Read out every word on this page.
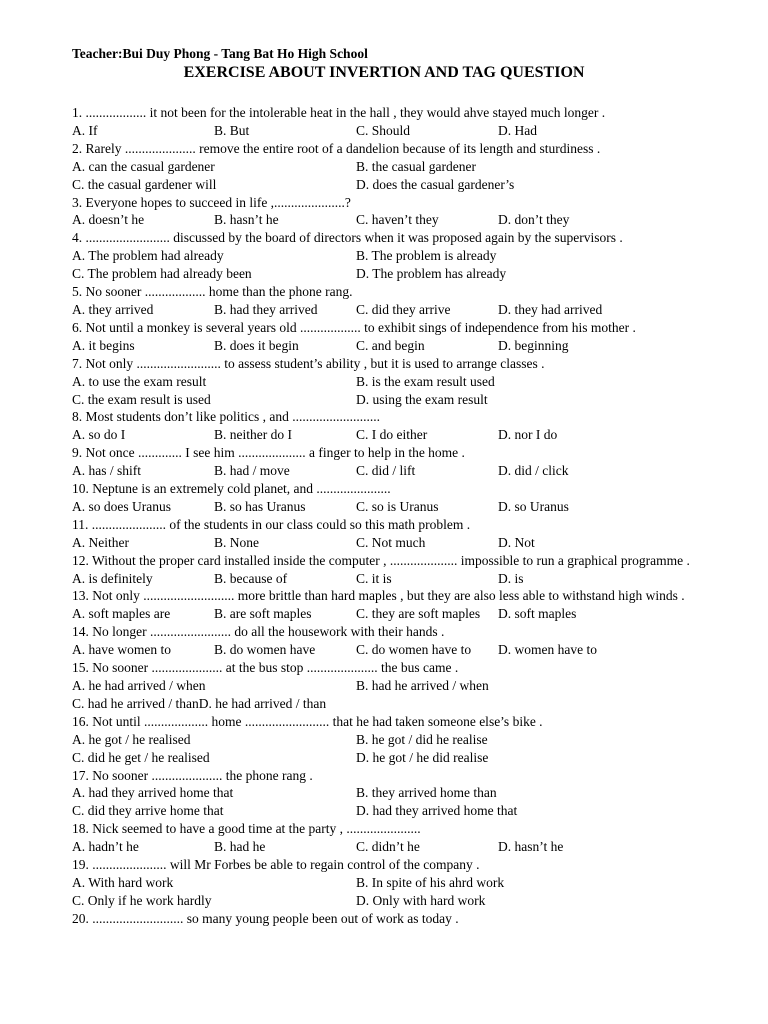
Teacher:Bui Duy Phong - Tang Bat Ho High School
EXERCISE ABOUT INVERTION AND TAG QUESTION
1. .................. it not been for the intolerable heat in the hall , they would ahve stayed much longer .
A. If	B. But	C. Should	D. Had
2. Rarely ..................... remove the entire root of a dandelion because of its length and sturdiness .
A. can the casual gardener	B. the casual gardener
C. the casual gardener will	D. does the casual gardener’s
3. Everyone hopes to succeed in life ,.....................?
A. doesn’t he	B. hasn’t he	C. haven’t they	D. don’t they
4. ......................... discussed by the board of directors when it was proposed again by the supervisors .
A. The problem had already	B. The problem is already
C. The problem had already been	D. The problem has already
5. No sooner .................. home than the phone rang.
A. they arrived	B. had they arrived	C. did they arrive	D. they had arrived
6. Not until a monkey is several years old .................. to exhibit sings of independence from his mother .
A. it begins	B. does it begin	C. and begin	D. beginning
7. Not only ......................... to assess student’s ability , but it is used to arrange classes .
A. to use the exam result	B. is the exam result used
C. the exam result is used	D. using the exam result
8. Most students don’t like politics , and ..........................
A. so do I	B. neither do I	C. I do either	D. nor I do
9. Not once ............. I see him .................... a finger to help in the home .
A. has / shift	B. had / move	C. did / lift	D. did / click
10. Neptune is an extremely cold planet, and ......................
A. so does Uranus	B. so has Uranus	C. so is Uranus	D. so Uranus
11. ...................... of the students in our class could so this math problem .
A. Neither	B. None	C. Not much	D. Not
12. Without the proper card installed inside the computer , .................... impossible to run a graphical programme .
A. is definitely	B. because of	C. it is	D. is
13. Not only ........................... more brittle than hard maples , but they are also less able to withstand high winds .
A. soft maples are	B. are soft maples	C. they are soft maples	D. soft maples
14. No longer ........................ do all the housework with their hands .
A. have women to	B. do women have	C. do women have to	D. women have to
15. No sooner ..................... at the bus stop ..................... the bus came .
A. he had arrived / when	B. had he arrived / when
C. had he arrived / thanD. he had arrived / than
16. Not until ................... home ......................... that he had taken someone else’s bike .
A. he got / he realised	B. he got / did he realise
C. did he get / he realised	D. he got / he did realise
17. No sooner ..................... the phone rang .
A. had they arrived home that	B. they arrived home than
C. did they arrive home that	D. had they arrived home that
18. Nick seemed to have a good time at the party , ......................
A. hadn’t he	B. had he	C. didn’t he	D. hasn’t he
19. ...................... will Mr Forbes be able to regain control of the company .
A. With hard work	B. In spite of his ahrd work
C. Only if he work hardly	D. Only with hard work
20. ........................... so many young people been out of work as today .
